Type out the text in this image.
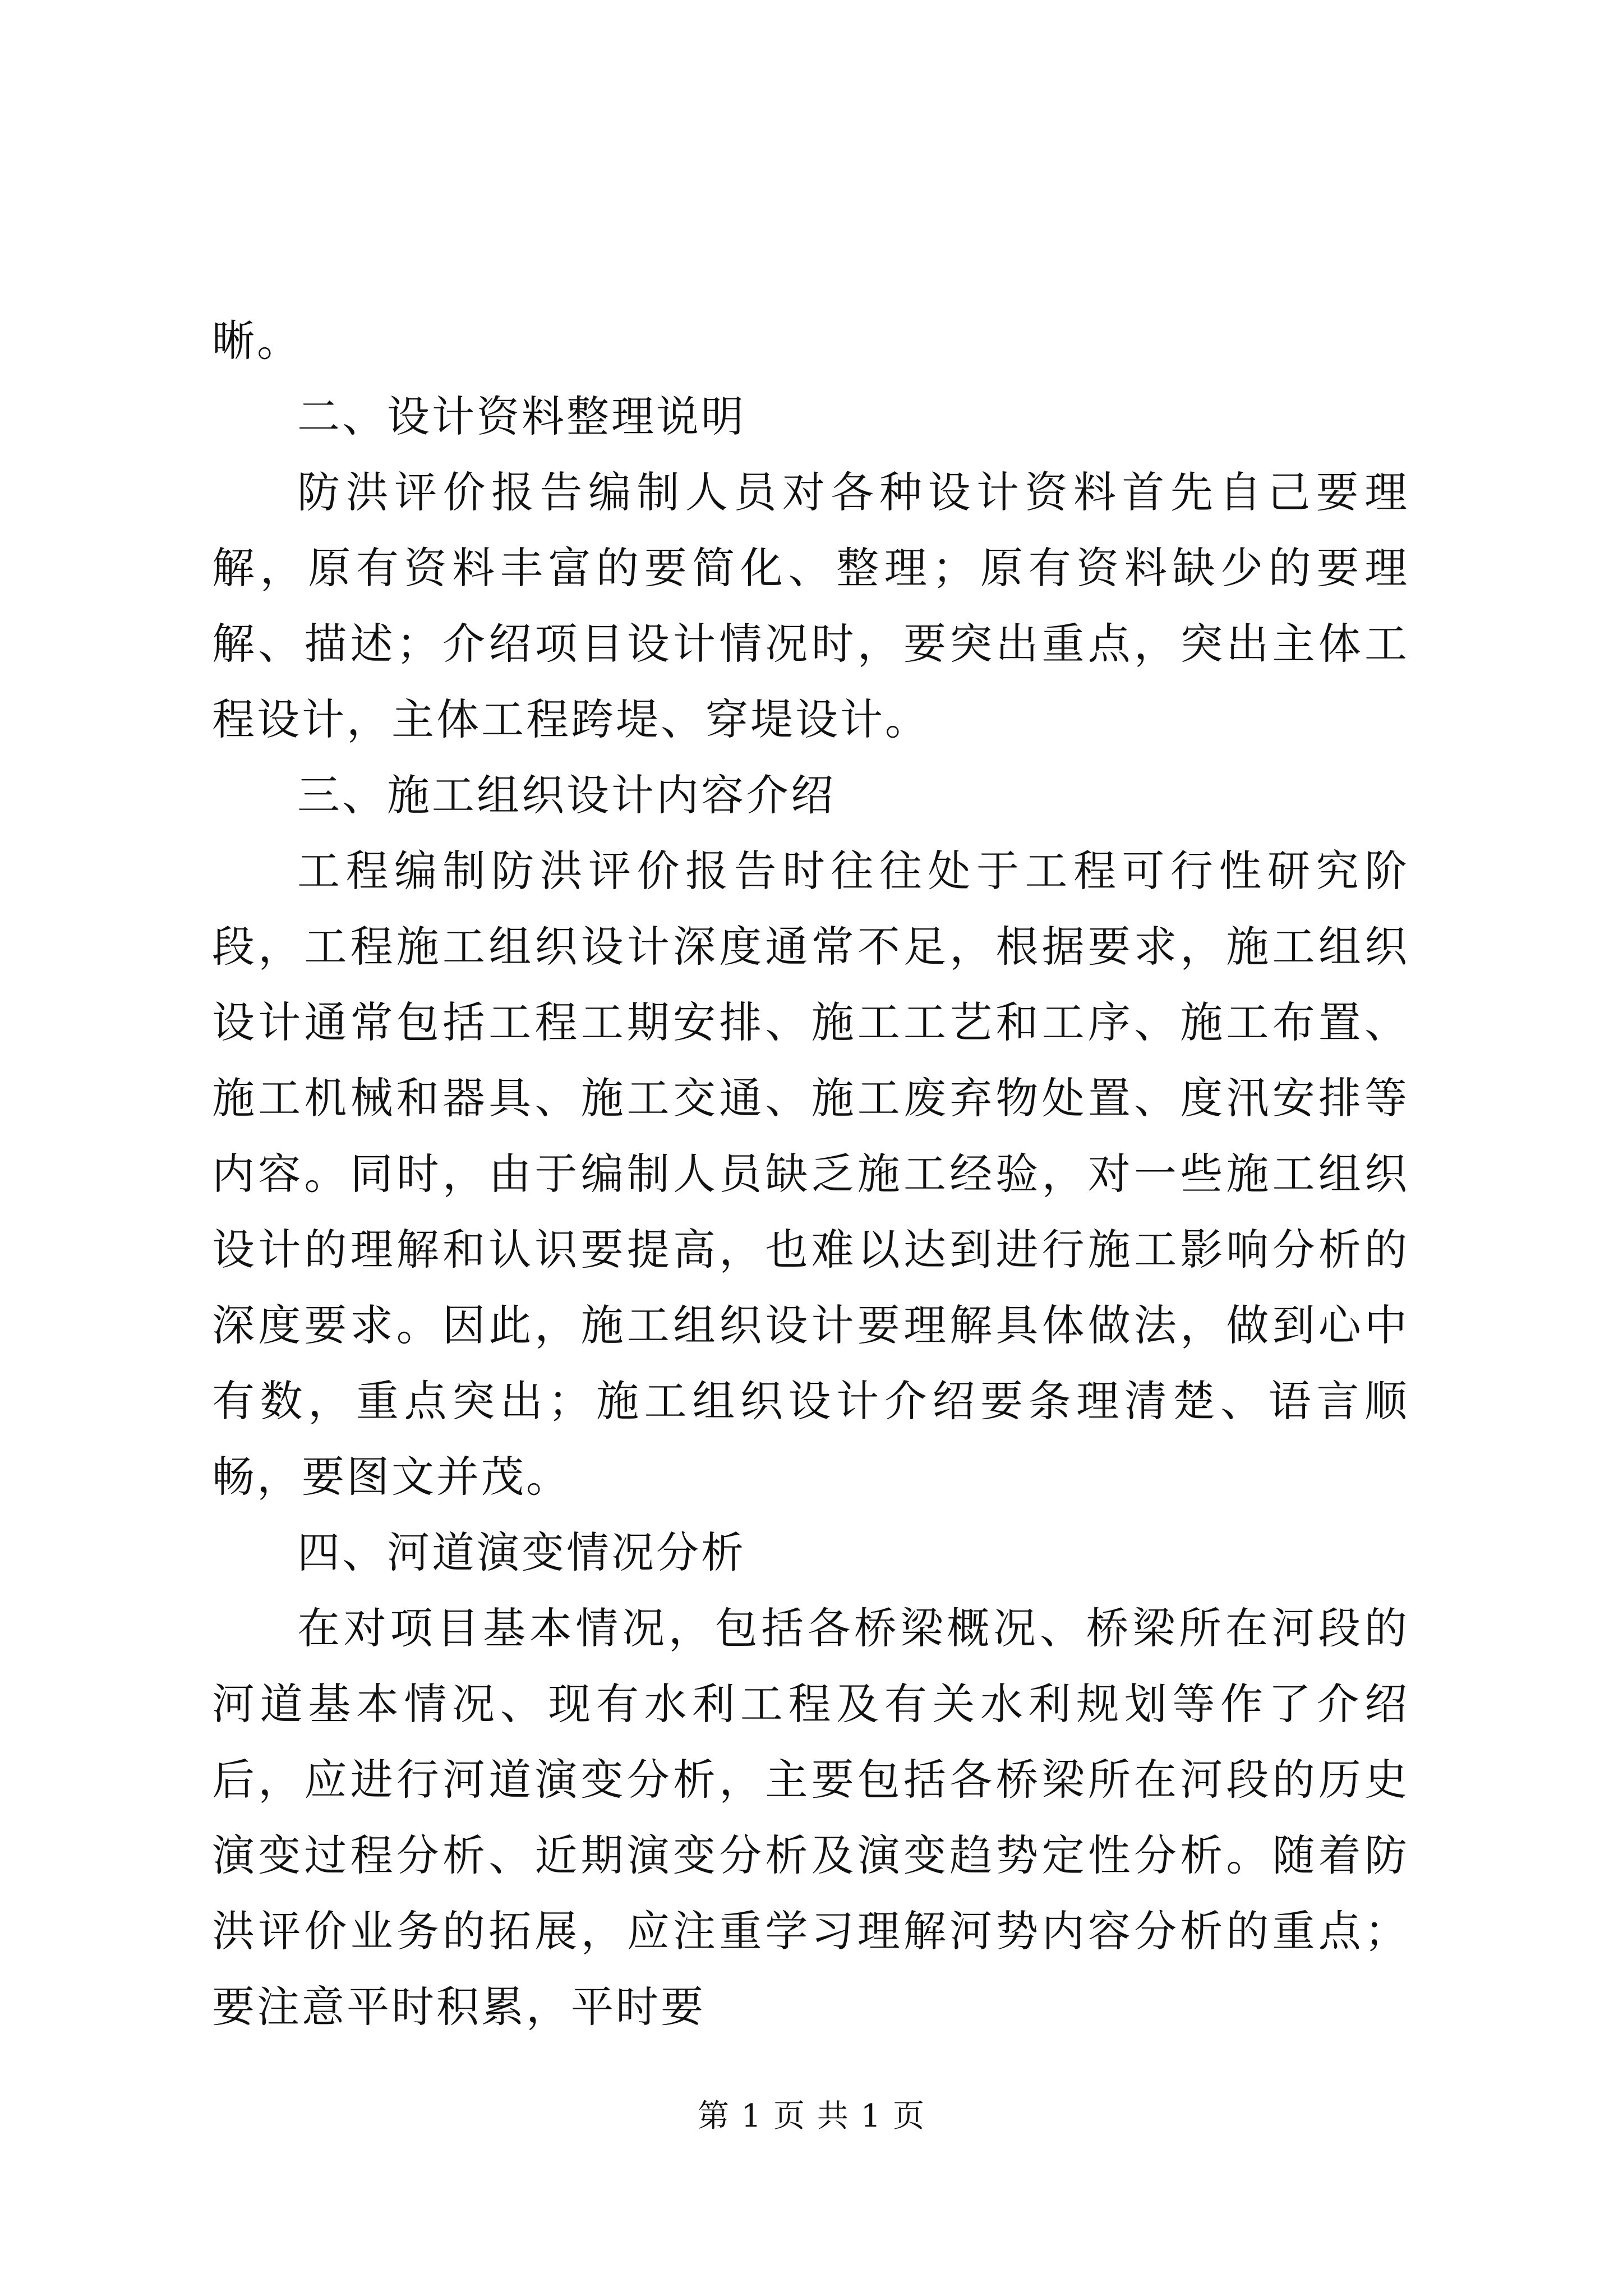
晰。

二、设计资料整理说明

防洪评价报告编制人员对各种设计资料首先自己要理解，原有资料丰富的要简化、整理；原有资料缺少的要理解、描述；介绍项目设计情况时，要突出重点，突出主体工程设计，主体工程跨堤、穿堤设计。

三、施工组织设计内容介绍

工程编制防洪评价报告时往往处于工程可行性研究阶段，工程施工组织设计深度通常不足，根据要求，施工组织设计通常包括工程工期安排、施工工艺和工序、施工布置、施工机械和器具、施工交通、施工废弃物处置、度汛安排等内容。同时，由于编制人员缺乏施工经验，对一些施工组织设计的理解和认识要提高，也难以达到进行施工影响分析的深度要求。因此，施工组织设计要理解具体做法，做到心中有数，重点突出；施工组织设计介绍要条理清楚、语言顺畅，要图文并茂。

四、河道演变情况分析

在对项目基本情况，包括各桥梁概况、桥梁所在河段的河道基本情况、现有水利工程及有关水利规划等作了介绍后，应进行河道演变分析，主要包括各桥梁所在河段的历史演变过程分析、近期演变分析及演变趋势定性分析。随着防洪评价业务的拓展，应注重学习理解河势内容分析的重点；要注意平时积累，平时要

第 1 页 共 1 页
